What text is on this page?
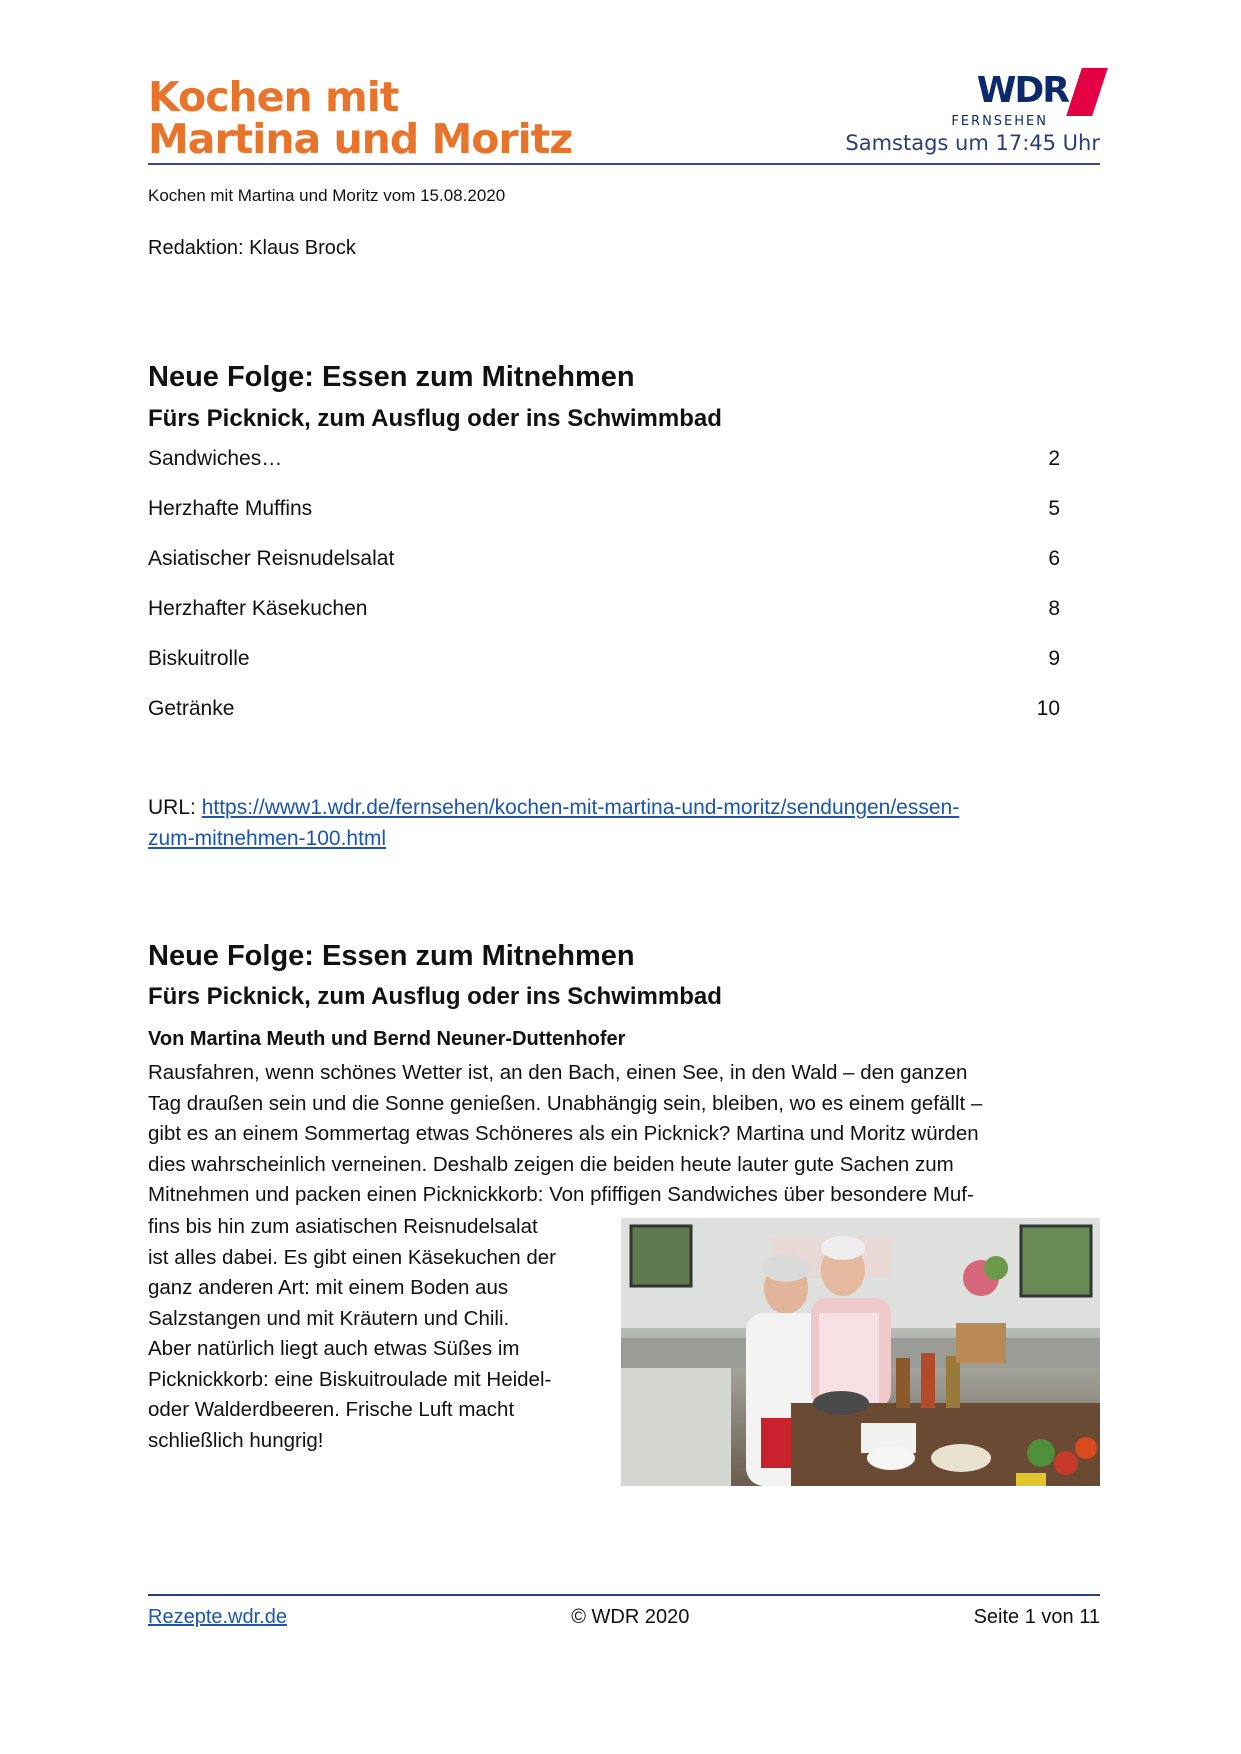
Kochen mit
Martina und Moritz
WDR
FERNSEHEN
Samstags um 17:45 Uhr
Kochen mit Martina und Moritz vom 15.08.2020
Redaktion: Klaus Brock
Neue Folge: Essen zum Mitnehmen
Fürs Picknick, zum Ausflug oder ins Schwimmbad
Sandwiches…	2
Herzhafte Muffins	5
Asiatischer Reisnudelsalat	6
Herzhafter Käsekuchen	8
Biskuitrolle	9
Getränke	10
URL: https://www1.wdr.de/fernsehen/kochen-mit-martina-und-moritz/sendungen/essen-
zum-mitnehmen-100.html
Neue Folge: Essen zum Mitnehmen
Fürs Picknick, zum Ausflug oder ins Schwimmbad
Von Martina Meuth und Bernd Neuner-Duttenhofer
Rausfahren, wenn schönes Wetter ist, an den Bach, einen See, in den Wald – den ganzen
Tag draußen sein und die Sonne genießen. Unabhängig sein, bleiben, wo es einem gefällt –
gibt es an einem Sommertag etwas Schöneres als ein Picknick? Martina und Moritz würden
dies wahrscheinlich verneinen. Deshalb zeigen die beiden heute lauter gute Sachen zum
Mitnehmen und packen einen Picknickkorb: Von pfiffigen Sandwiches über besondere Muf-
fins bis hin zum asiatischen Reisnudelsalat
ist alles dabei. Es gibt einen Käsekuchen der
ganz anderen Art: mit einem Boden aus
Salzstangen und mit Kräutern und Chili.
Aber natürlich liegt auch etwas Süßes im
Picknickkorb: eine Biskuitroulade mit Heidel-
oder Walderdbeeren. Frische Luft macht
schließlich hungrig!
Rezepte.wdr.de	© WDR 2020	Seite 1 von 11
